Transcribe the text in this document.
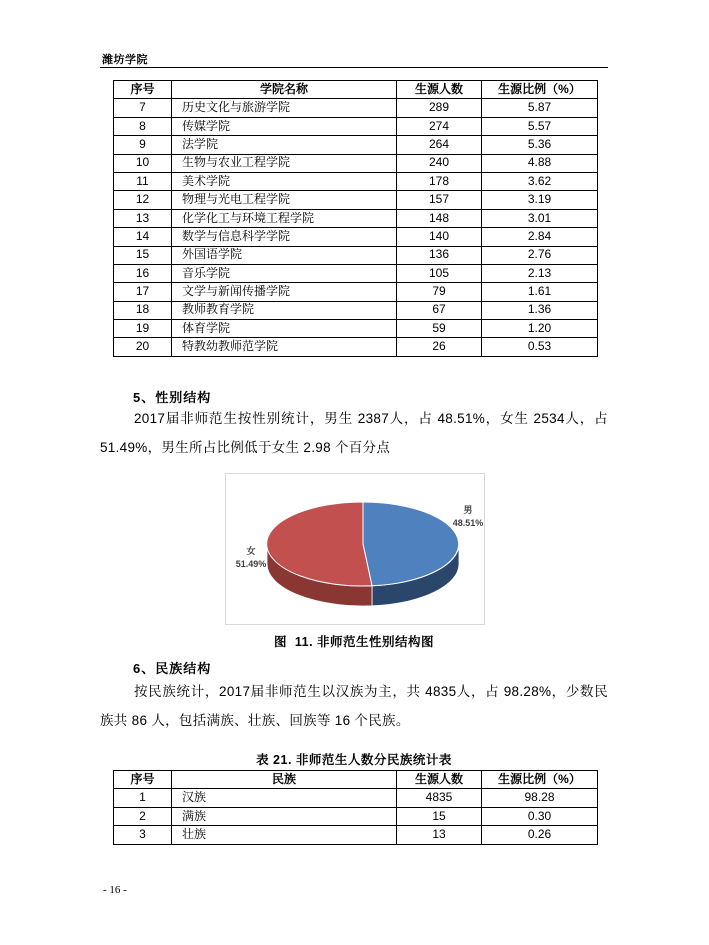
潍坊学院
序号	学院名称	生源人数	生源比例（%）
7	历史文化与旅游学院	289	5.87
8	传媒学院	274	5.57
9	法学院	264	5.36
10	生物与农业工程学院	240	4.88
11	美术学院	178	3.62
12	物理与光电工程学院	157	3.19
13	化学化工与环境工程学院	148	3.01
14	数学与信息科学学院	140	2.84
15	外国语学院	136	2.76
16	音乐学院	105	2.13
17	文学与新闻传播学院	79	1.61
18	教师教育学院	67	1.36
19	体育学院	59	1.20
20	特教幼教师范学院	26	0.53
5、性别结构
2017届非师范生按性别统计，男生 2387人，占 48.51%，女生 2534人，占
51.49%，男生所占比例低于女生 2.98 个百分点
男
48.51%
女
51.49%
图  11. 非师范生性别结构图
6、民族结构
按民族统计，2017届非师范生以汉族为主，共 4835人，占 98.28%，少数民
族共 86 人，包括满族、壮族、回族等 16 个民族。
表 21. 非师范生人数分民族统计表
序号	民族	生源人数	生源比例（%）
1	汉族	4835	98.28
2	满族	15	0.30
3	壮族	13	0.26
- 16 -
